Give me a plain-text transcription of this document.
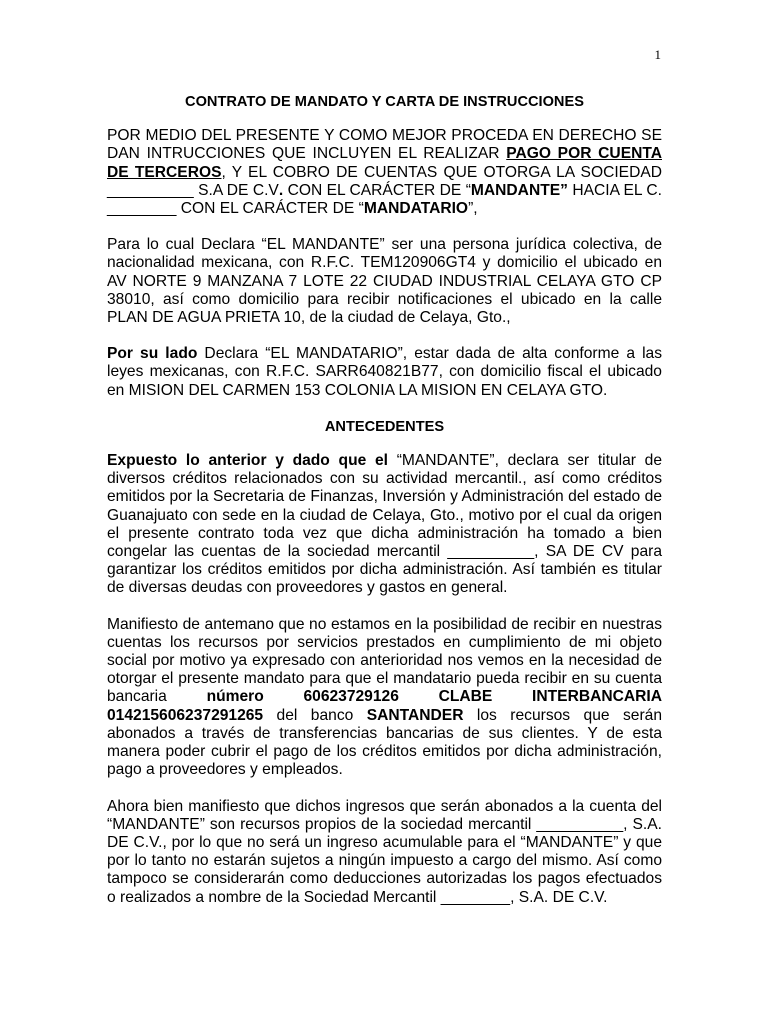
1
CONTRATO DE MANDATO Y CARTA DE INSTRUCCIONES

POR MEDIO DEL PRESENTE Y COMO MEJOR PROCEDA EN DERECHO SE DAN INTRUCCIONES QUE INCLUYEN EL REALIZAR PAGO POR CUENTA DE TERCEROS, Y EL COBRO DE CUENTAS QUE OTORGA LA SOCIEDAD __________ S.A DE C.V. CON EL CARÁCTER DE “MANDANTE” HACIA EL C. ________ CON EL CARÁCTER DE “MANDATARIO”,

Para lo cual Declara “EL MANDANTE” ser una persona jurídica colectiva, de nacionalidad mexicana, con R.F.C. TEM120906GT4 y domicilio el ubicado en AV NORTE 9 MANZANA 7 LOTE 22 CIUDAD INDUSTRIAL CELAYA GTO CP 38010, así como domicilio para recibir notificaciones el ubicado en la calle PLAN DE AGUA PRIETA 10, de la ciudad de Celaya, Gto.,

Por su lado Declara “EL MANDATARIO”, estar dada de alta conforme a las leyes mexicanas, con R.F.C. SARR640821B77, con domicilio fiscal el ubicado en MISION DEL CARMEN 153 COLONIA LA MISION EN CELAYA GTO.

ANTECEDENTES

Expuesto lo anterior y dado que el “MANDANTE”, declara ser titular de diversos créditos relacionados con su actividad mercantil., así como créditos emitidos por la Secretaria de Finanzas, Inversión y Administración del estado de Guanajuato con sede en la ciudad de Celaya, Gto., motivo por el cual da origen el presente contrato toda vez que dicha administración ha tomado a bien congelar las cuentas de la sociedad mercantil __________, SA DE CV para garantizar los créditos emitidos por dicha administración. Así también es titular de diversas deudas con proveedores y gastos en general.

Manifiesto de antemano que no estamos en la posibilidad de recibir en nuestras cuentas los recursos por servicios prestados en cumplimiento de mi objeto social por motivo ya expresado con anterioridad nos vemos en la necesidad de otorgar el presente mandato para que el mandatario pueda recibir en su cuenta bancaria número 60623729126 CLABE INTERBANCARIA 014215606237291265 del banco SANTANDER los recursos que serán abonados a través de transferencias bancarias de sus clientes. Y de esta manera poder cubrir el pago de los créditos emitidos por dicha administración, pago a proveedores y empleados.

Ahora bien manifiesto que dichos ingresos que serán abonados a la cuenta del “MANDANTE” son recursos propios de la sociedad mercantil __________, S.A. DE C.V., por lo que no será un ingreso acumulable para el “MANDANTE” y que por lo tanto no estarán sujetos a ningún impuesto a cargo del mismo. Así como tampoco se considerarán como deducciones autorizadas los pagos efectuados o realizados a nombre de la Sociedad Mercantil ________, S.A. DE C.V.
